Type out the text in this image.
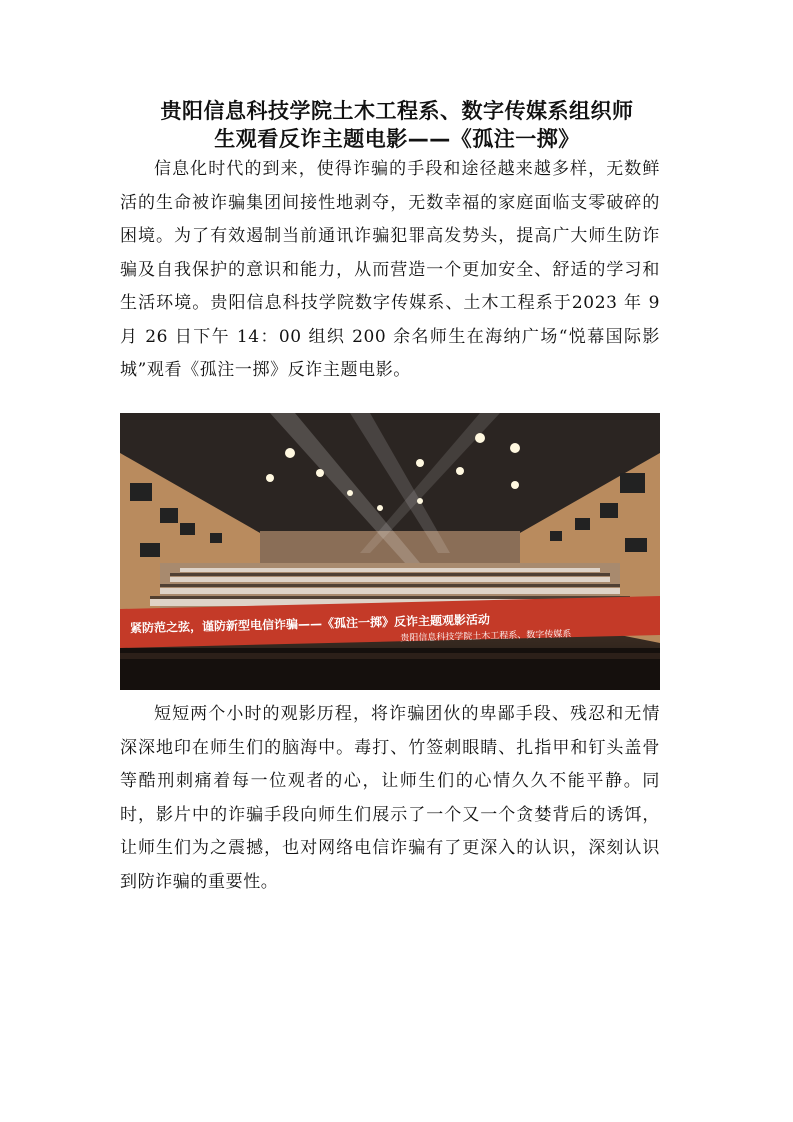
贵阳信息科技学院土木工程系、数字传媒系组织师
生观看反诈主题电影——《孤注一掷》
信息化时代的到来，使得诈骗的手段和途径越来越多样，无数鲜活的生命被诈骗集团间接性地剥夺，无数幸福的家庭面临支零破碎的困境。为了有效遏制当前通讯诈骗犯罪高发势头，提高广大师生防诈骗及自我保护的意识和能力，从而营造一个更加安全、舒适的学习和生活环境。贵阳信息科技学院数字传媒系、土木工程系于2023 年 9 月 26 日下午 14：00 组织 200 余名师生在海纳广场“悦幕国际影城”观看《孤注一掷》反诈主题电影。
紧防范之弦，谨防新型电信诈骗——《孤注一掷》反诈主题观影活动
贵阳信息科技学院土木工程系、数字传媒系
短短两个小时的观影历程，将诈骗团伙的卑鄙手段、残忍和无情深深地印在师生们的脑海中。毒打、竹签刺眼睛、扎指甲和钉头盖骨等酷刑刺痛着每一位观者的心，让师生们的心情久久不能平静。同时，影片中的诈骗手段向师生们展示了一个又一个贪婪背后的诱饵，让师生们为之震撼，也对网络电信诈骗有了更深入的认识，深刻认识到防诈骗的重要性。
